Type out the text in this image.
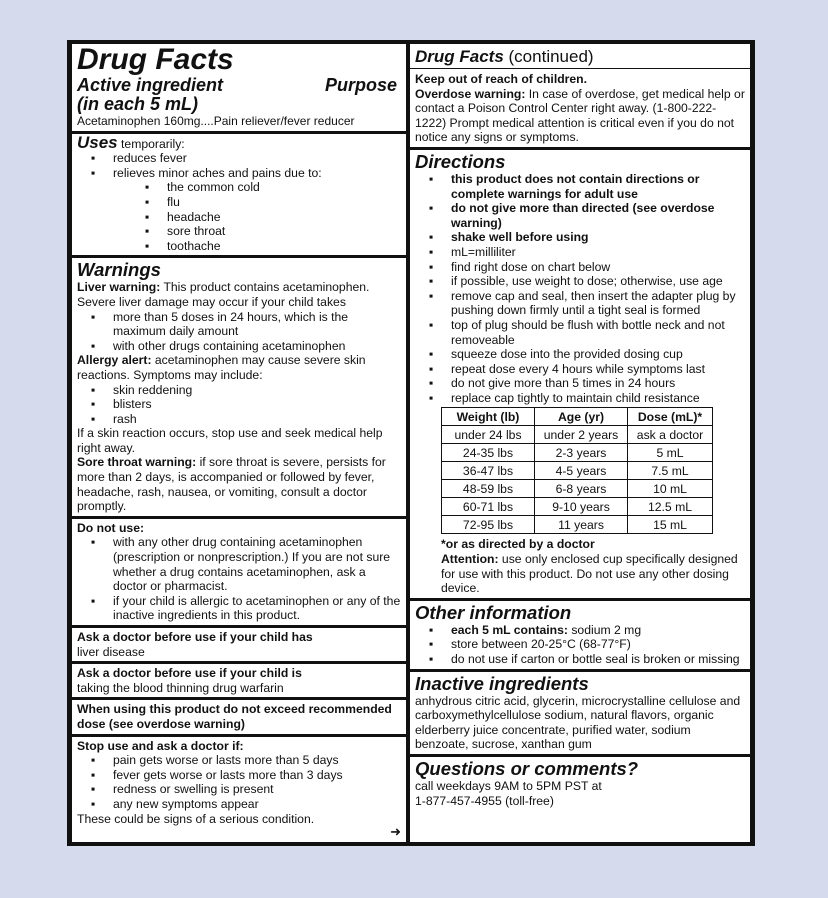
Drug Facts
Active ingredient	Purpose
(in each 5 mL)

Acetaminophen 160mg....Pain reliever/fever reducer

Uses temporarily:

▪ reduces fever
▪ relieves minor aches and pains due to:
▪ the common cold
▪ flu
▪ headache
▪ sore throat
▪ toothache
Warnings

Liver warning: This product contains acetaminophen. Severe liver damage may occur if your child takes

▪ more than 5 doses in 24 hours, which is the maximum daily amount
▪ with other drugs containing acetaminophen

Allergy alert: acetaminophen may cause severe skin reactions. Symptoms may include:

▪ skin reddening
▪ blisters
▪ rash

If a skin reaction occurs, stop use and seek medical help right away.

Sore throat warning: if sore throat is severe, persists for more than 2 days, is accompanied or followed by fever, headache, rash, nausea, or vomiting, consult a doctor promptly.

Do not use:

▪ with any other drug containing acetaminophen (prescription or nonprescription.) If you are not sure whether a drug contains acetaminophen, ask a doctor or pharmacist.
▪ if your child is allergic to acetaminophen or any of the inactive ingredients in this product.

Ask a doctor before use if your child has

liver disease

Ask a doctor before use if your child is

taking the blood thinning drug warfarin

When using this product do not exceed recommended dose (see overdose warning)

Stop use and ask a doctor if:

▪ pain gets worse or lasts more than 5 days
▪ fever gets worse or lasts more than 3 days
▪ redness or swelling is present
▪ any new symptoms appear

These could be signs of a serious condition.

➜

Drug Facts (continued)

Keep out of reach of children.

Overdose warning: In case of overdose, get medical help or contact a Poison Control Center right away. (1-800-222-1222) Prompt medical attention is critical even if you do not notice any signs or symptoms.

Directions
▪ this product does not contain directions or complete warnings for adult use
▪ do not give more than directed (see overdose warning)
▪ shake well before using
▪ mL=milliliter
▪ find right dose on chart below
▪ if possible, use weight to dose; otherwise, use age
▪ remove cap and seal, then insert the adapter plug by pushing down firmly until a tight seal is formed
▪ top of plug should be flush with bottle neck and not removeable
▪ squeeze dose into the provided dosing cup
▪ repeat dose every 4 hours while symptoms last
▪ do not give more than 5 times in 24 hours
▪ replace cap tightly to maintain child resistance
Weight (lb)	Age (yr)	Dose (mL)*
under 24 lbs	under 2 years	ask a doctor
24-35 lbs	2-3 years	5 mL
36-47 lbs	4-5 years	7.5 mL
48-59 lbs	6-8 years	10 mL
60-71 lbs	9-10 years	12.5 mL
72-95 lbs	11 years	15 mL

*or as directed by a doctor

Attention: use only enclosed cup specifically designed for use with this product. Do not use any other dosing device.

Other information
▪ each 5 mL contains: sodium 2 mg
▪ store between 20-25°C (68-77°F)
▪ do not use if carton or bottle seal is broken or missing
Inactive ingredients

anhydrous citric acid, glycerin, microcrystalline cellulose and carboxymethylcellulose sodium, natural flavors, organic elderberry juice concentrate, purified water, sodium benzoate, sucrose, xanthan gum

Questions or comments?

call weekdays 9AM to 5PM PST at

1-877-457-4955 (toll-free)
